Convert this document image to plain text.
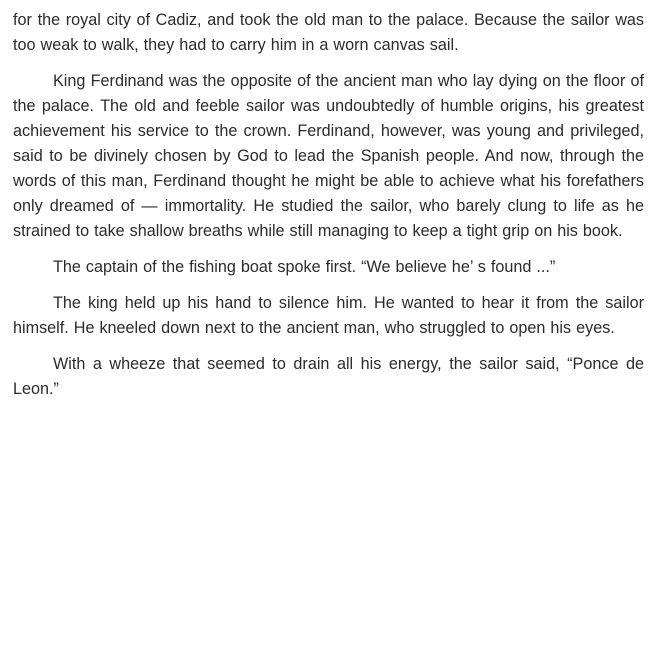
for the royal city of Cadiz, and took the old man to the palace. Because the sailor was too weak to walk, they had to carry him in a worn canvas sail.

King Ferdinand was the opposite of the ancient man who lay dying on the floor of the palace. The old and feeble sailor was undoubtedly of humble origins, his greatest achievement his service to the crown. Ferdinand, however, was young and privileged, said to be divinely chosen by God to lead the Spanish people. And now, through the words of this man, Ferdinand thought he might be able to achieve what his forefathers only dreamed of — immortality. He studied the sailor, who barely clung to life as he strained to take shallow breaths while still managing to keep a tight grip on his book.

The captain of the fishing boat spoke first. “We believe he’ s found ...”

The king held up his hand to silence him. He wanted to hear it from the sailor himself. He kneeled down next to the ancient man, who struggled to open his eyes.

With a wheeze that seemed to drain all his energy, the sailor said, “Ponce de Leon.”
